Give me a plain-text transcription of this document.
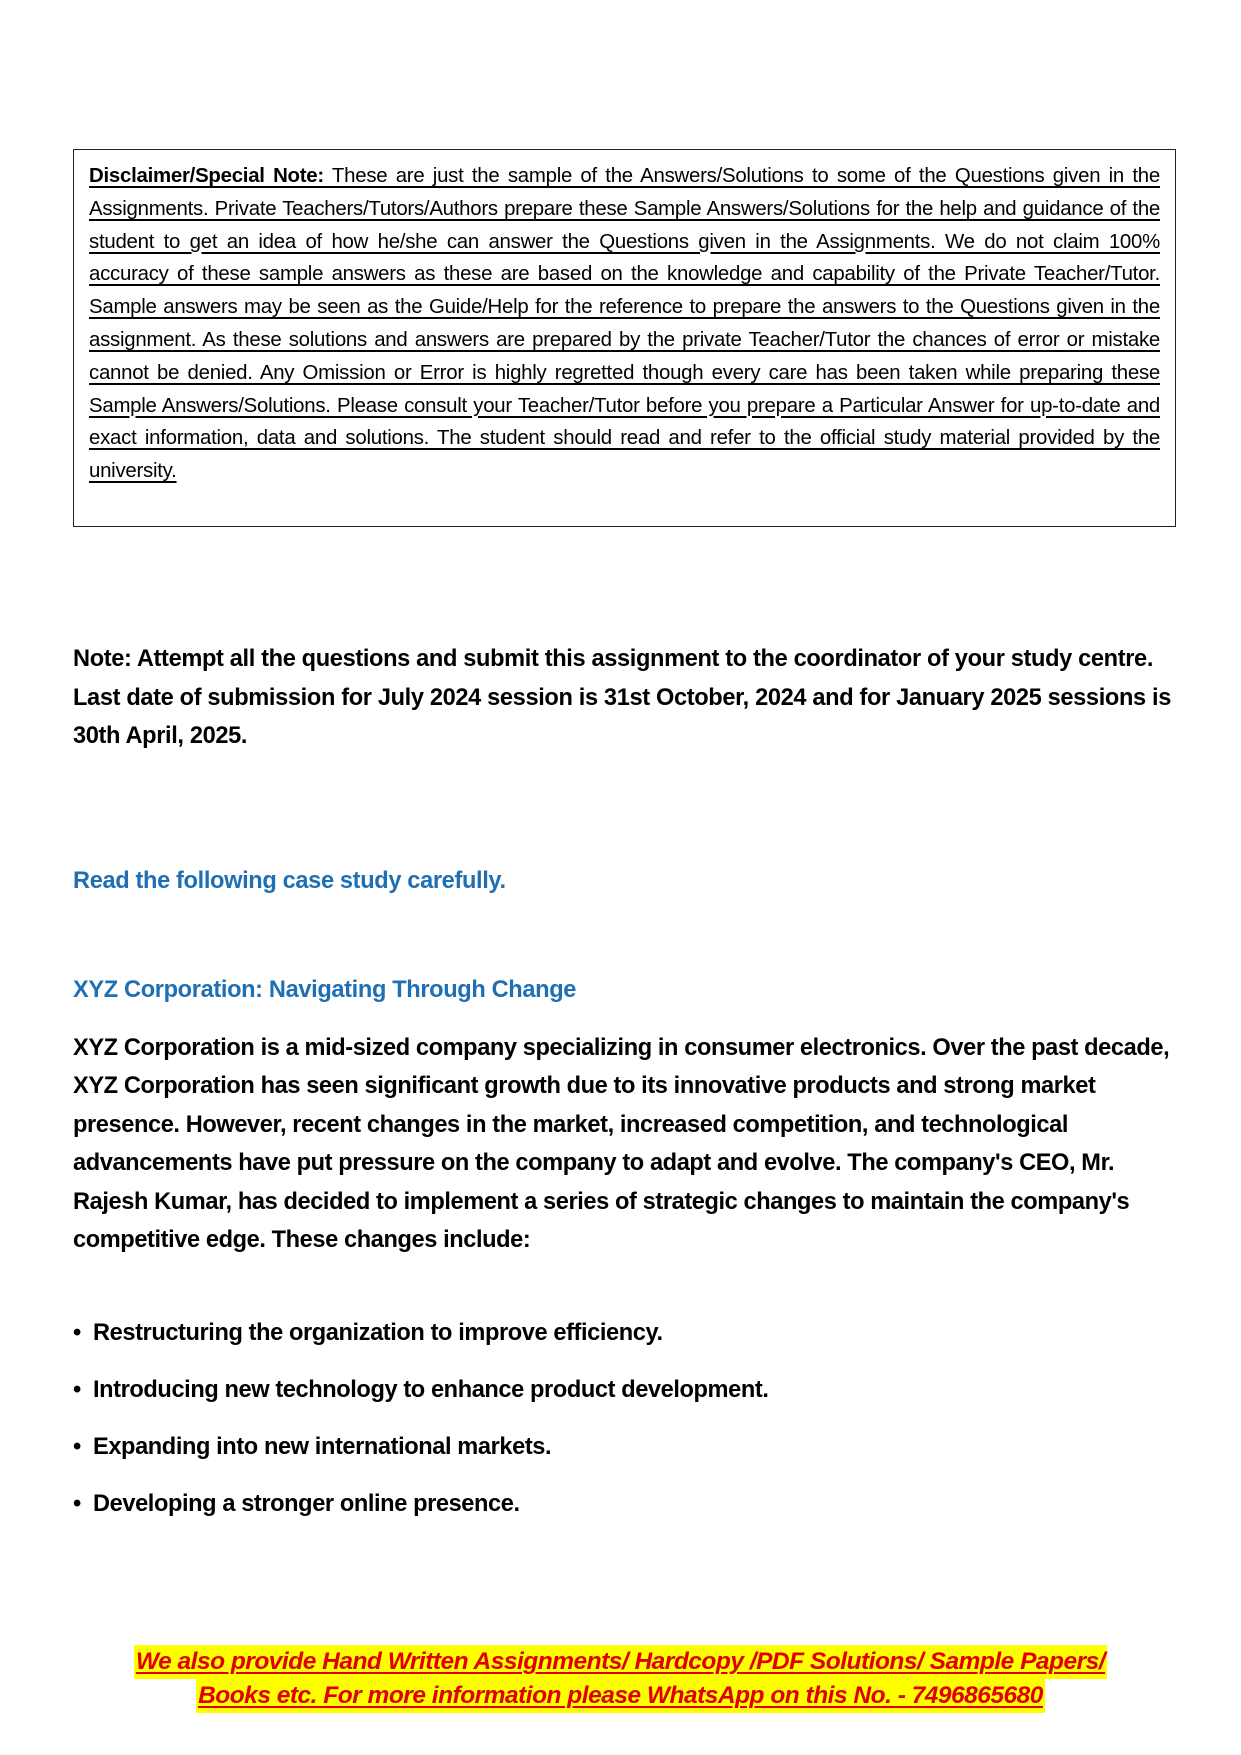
Disclaimer/Special Note: These are just the sample of the Answers/Solutions to some of the Questions given in the Assignments. Private Teachers/Tutors/Authors prepare these Sample Answers/Solutions for the help and guidance of the student to get an idea of how he/she can answer the Questions given in the Assignments. We do not claim 100% accuracy of these sample answers as these are based on the knowledge and capability of the Private Teacher/Tutor. Sample answers may be seen as the Guide/Help for the reference to prepare the answers to the Questions given in the assignment. As these solutions and answers are prepared by the private Teacher/Tutor the chances of error or mistake cannot be denied. Any Omission or Error is highly regretted though every care has been taken while preparing these Sample Answers/Solutions. Please consult your Teacher/Tutor before you prepare a Particular Answer for up-to-date and exact information, data and solutions. The student should read and refer to the official study material provided by the university.

Note: Attempt all the questions and submit this assignment to the coordinator of your study centre. Last date of submission for July 2024 session is 31st October, 2024 and for January 2025 sessions is 30th April, 2025.

Read the following case study carefully.
XYZ Corporation: Navigating Through Change

XYZ Corporation is a mid-sized company specializing in consumer electronics. Over the past decade, XYZ Corporation has seen significant growth due to its innovative products and strong market presence. However, recent changes in the market, increased competition, and technological advancements have put pressure on the company to adapt and evolve. The company's CEO, Mr. Rajesh Kumar, has decided to implement a series of strategic changes to maintain the company's competitive edge. These changes include:

• Restructuring the organization to improve efficiency.
• Introducing new technology to enhance product development.
• Expanding into new international markets.
• Developing a stronger online presence.
We also provide Hand Written Assignments/ Hardcopy /PDF Solutions/ Sample Papers/
Books etc. For more information please WhatsApp on this No. - 7496865680
